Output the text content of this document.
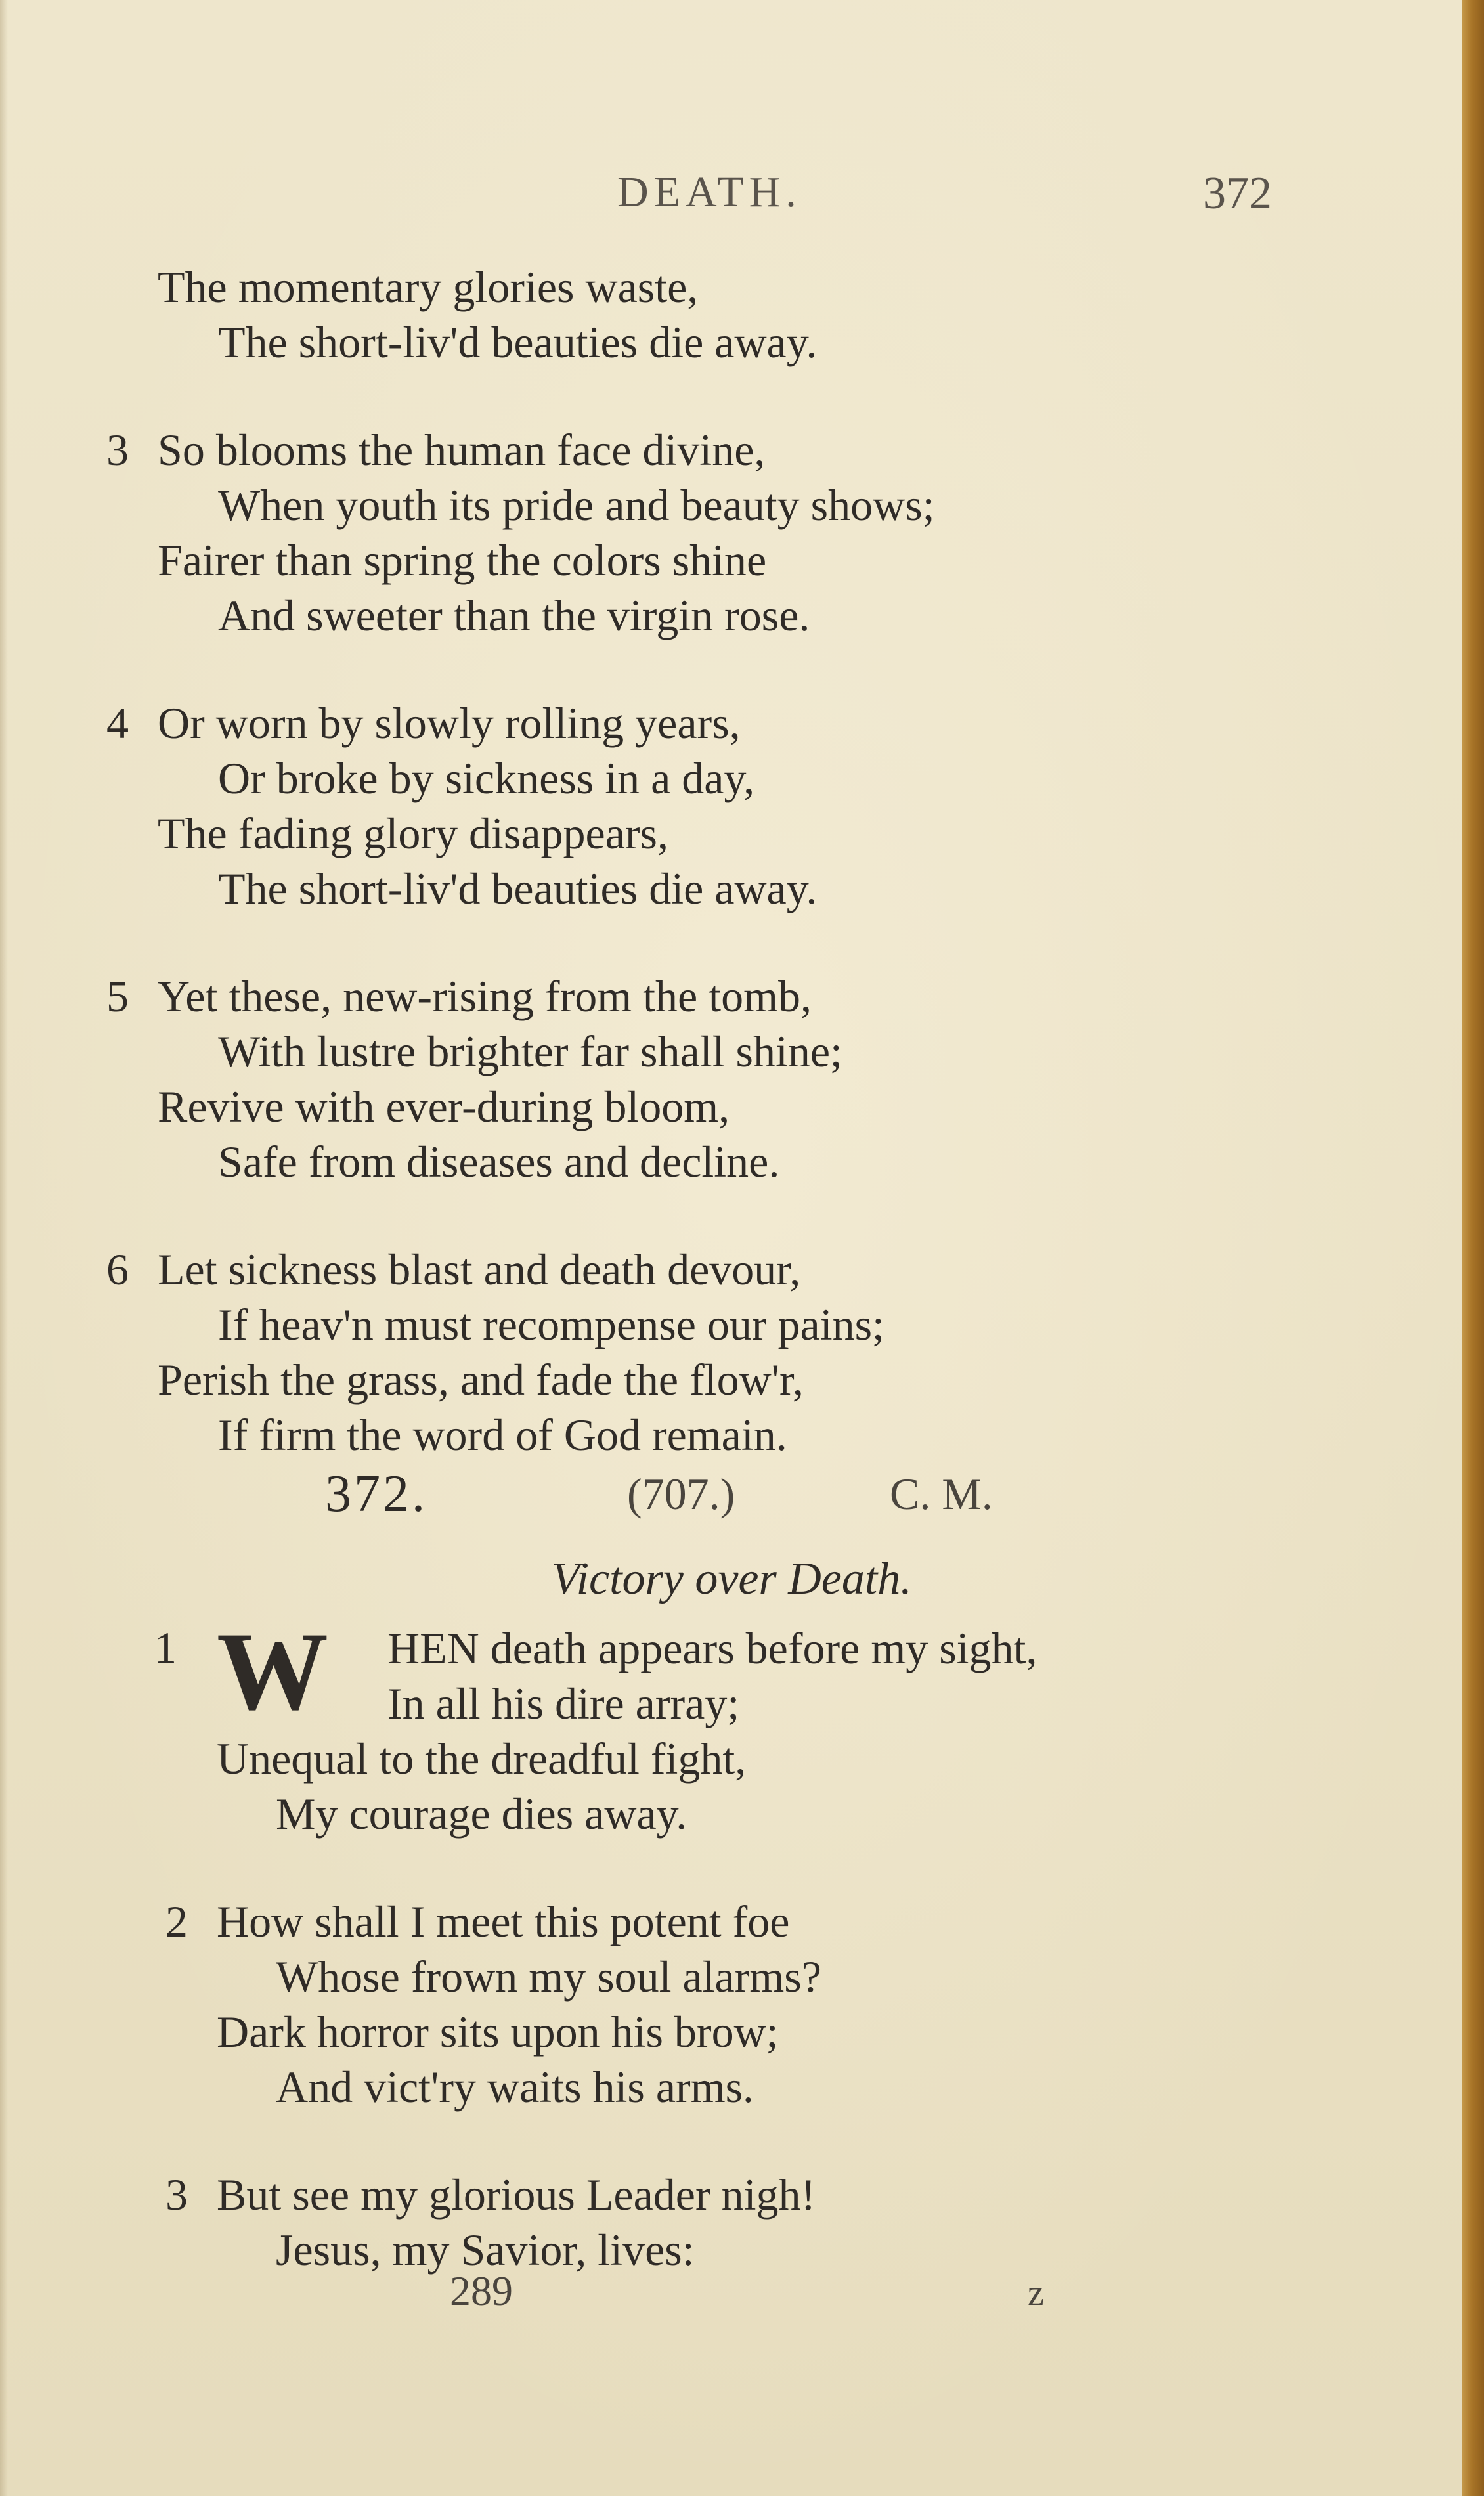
DEATH.	372
The momentary glories waste,
The short-liv'd beauties die away.
3 So blooms the human face divine,
When youth its pride and beauty shows;
Fairer than spring the colors shine
And sweeter than the virgin rose.
4 Or worn by slowly rolling years,
Or broke by sickness in a day,
The fading glory disappears,
The short-liv'd beauties die away.
5 Yet these, new-rising from the tomb,
With lustre brighter far shall shine;
Revive with ever-during bloom,
Safe from diseases and decline.
6 Let sickness blast and death devour,
If heav'n must recompense our pains;
Perish the grass, and fade the flow'r,
If firm the word of God remain.
372.	(707.)	C. M.
Victory over Death.
1 W HEN death appears before my sight,
In all his dire array;
Unequal to the dreadful fight,
My courage dies away.
2 How shall I meet this potent foe
Whose frown my soul alarms?
Dark horror sits upon his brow;
And vict'ry waits his arms.
3 But see my glorious Leader nigh!
Jesus, my Savior, lives:
289	z
